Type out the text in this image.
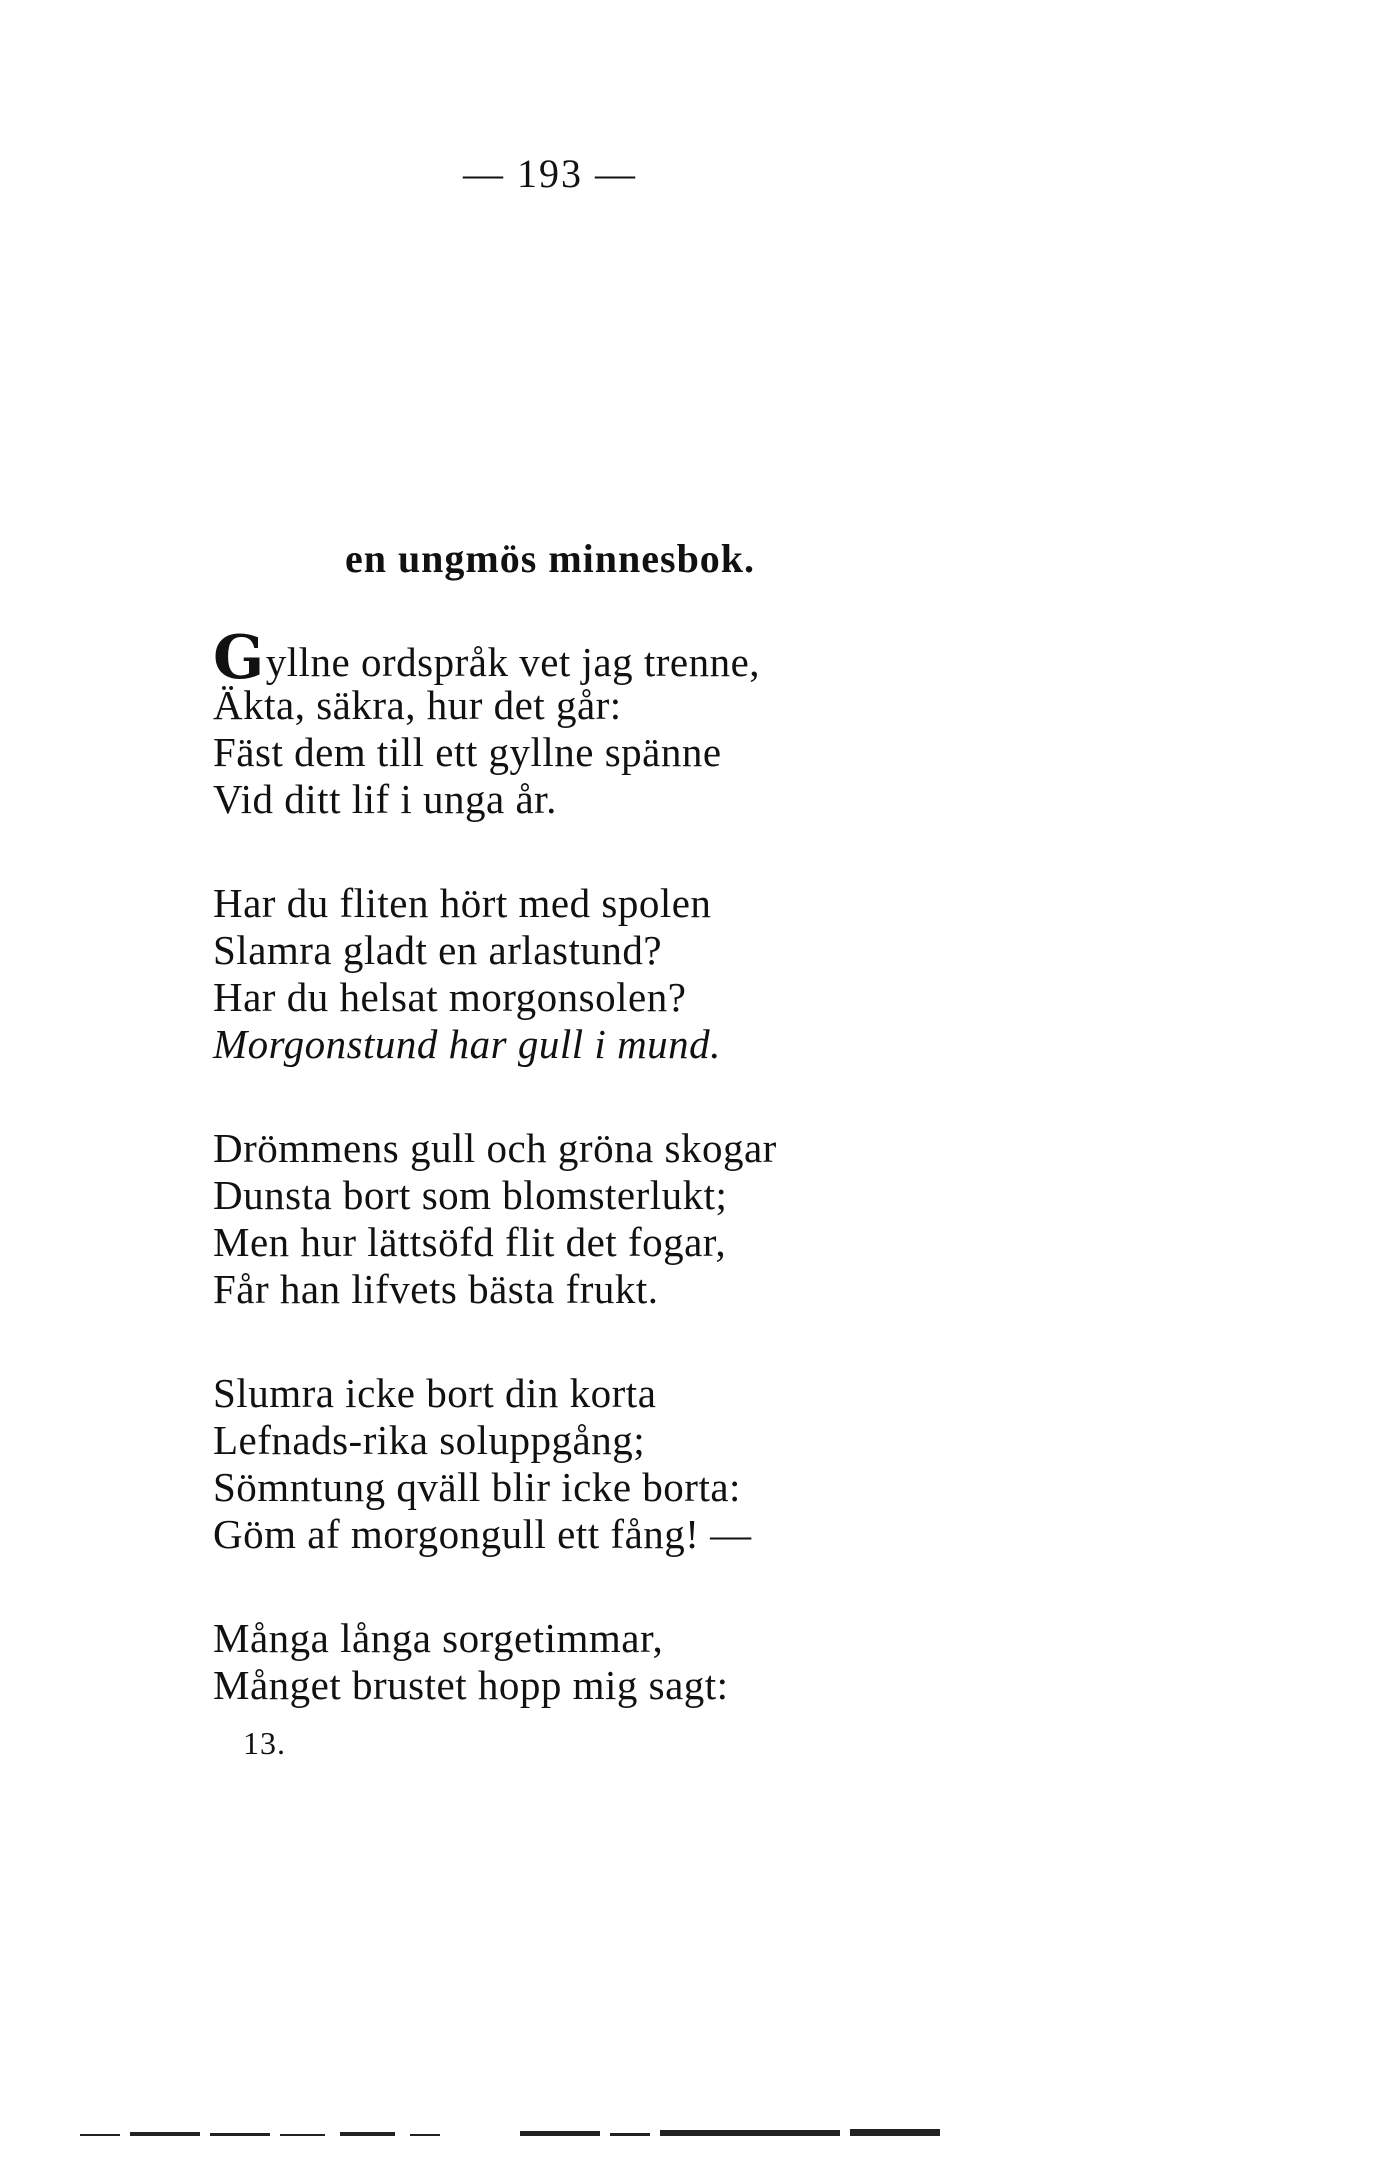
— 193 —
en ungmös minnesbok.
Gyllne ordspråk vet jag trenne,
Äkta, säkra, hur det går:
Fäst dem till ett gyllne spänne
Vid ditt lif i unga år.
Har du fliten hört med spolen
Slamra gladt en arlastund?
Har du helsat morgonsolen?
Morgonstund har gull i mund.
Drömmens gull och gröna skogar
Dunsta bort som blomsterlukt;
Men hur lättsöfd flit det fogar,
Får han lifvets bästa frukt.
Slumra icke bort din korta
Lefnads-rika soluppgång;
Sömntung qväll blir icke borta:
Göm af morgongull ett fång! —
Många långa sorgetimmar,
Månget brustet hopp mig sagt:
13.
